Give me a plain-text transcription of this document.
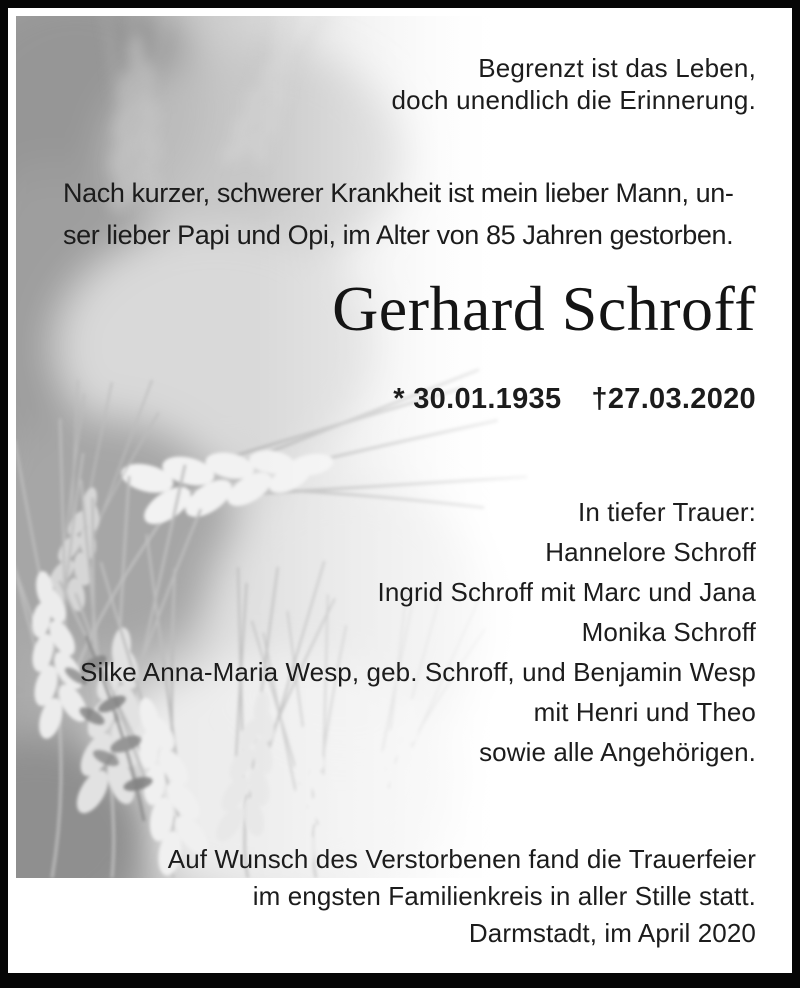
Begrenzt ist das Leben,
doch unendlich die Erinnerung.
Nach kurzer, schwerer Krankheit ist mein lieber Mann, un-
ser lieber Papi und Opi, im Alter von 85 Jahren gestorben.
Gerhard Schroff
* 30.01.1935 †27.03.2020
In tiefer Trauer:
Hannelore Schroff
Ingrid Schroff mit Marc und Jana
Monika Schroff
Silke Anna-Maria Wesp, geb. Schroff, und Benjamin Wesp
mit Henri und Theo
sowie alle Angehörigen.
Auf Wunsch des Verstorbenen fand die Trauerfeier
im engsten Familienkreis in aller Stille statt.
Darmstadt, im April 2020
